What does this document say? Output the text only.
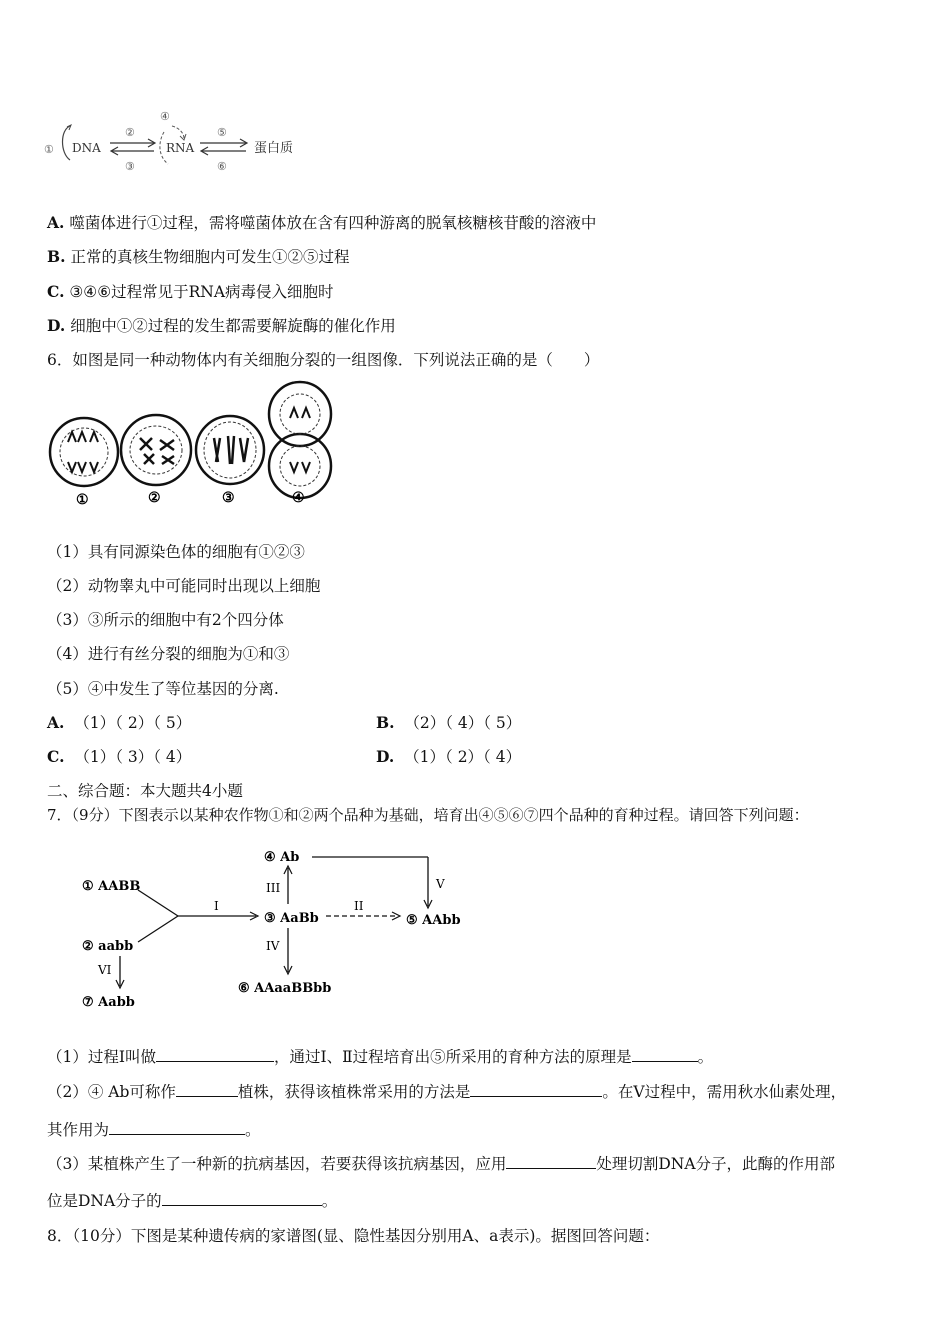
① DNA
②
③
④
RNA
⑤
⑥
蛋白质
A. 噬菌体进行①过程，需将噬菌体放在含有四种游离的脱氧核糖核苷酸的溶液中
B. 正常的真核生物细胞内可发生①②⑤过程
C. ③④⑥过程常见于RNA病毒侵入细胞时
D. 细胞中①②过程的发生都需要解旋酶的催化作用
6．如图是同一种动物体内有关细胞分裂的一组图像．下列说法正确的是（　　）
①	②	③	④
（1）具有同源染色体的细胞有①②③
（2）动物睾丸中可能同时出现以上细胞
（3）③所示的细胞中有2个四分体
（4）进行有丝分裂的细胞为①和③
（5）④中发生了等位基因的分离.
A. （1）（ 2）（ 5）	B. （2）（ 4）（ 5）
C. （1）（ 3）（ 4）	D. （1）（ 2）（ 4）
二、综合题：本大题共4小题
7．（9分）下图表示以某种农作物①和②两个品种为基础，培育出④⑤⑥⑦四个品种的育种过程。请回答下列问题：
① AABB
② aabb
③ AaBb
④ Ab
⑤ AAbb
⑥ AAaaBBbb
⑦ Aabb
I	II
III
IV
V
VI
（1）过程I叫做	，通过I、Ⅱ过程培育出⑤所采用的育种方法的原理是	。
（2）④ Ab可称作	植株，获得该植株常采用的方法是	。在V过程中，需用秋水仙素处理，
其作用为	。
（3）某植株产生了一种新的抗病基因，若要获得该抗病基因，应用	处理切割DNA分子，此酶的作用部
位是DNA分子的	。
8．（10分）下图是某种遗传病的家谱图(显、隐性基因分别用A、a表示)。据图回答问题：
